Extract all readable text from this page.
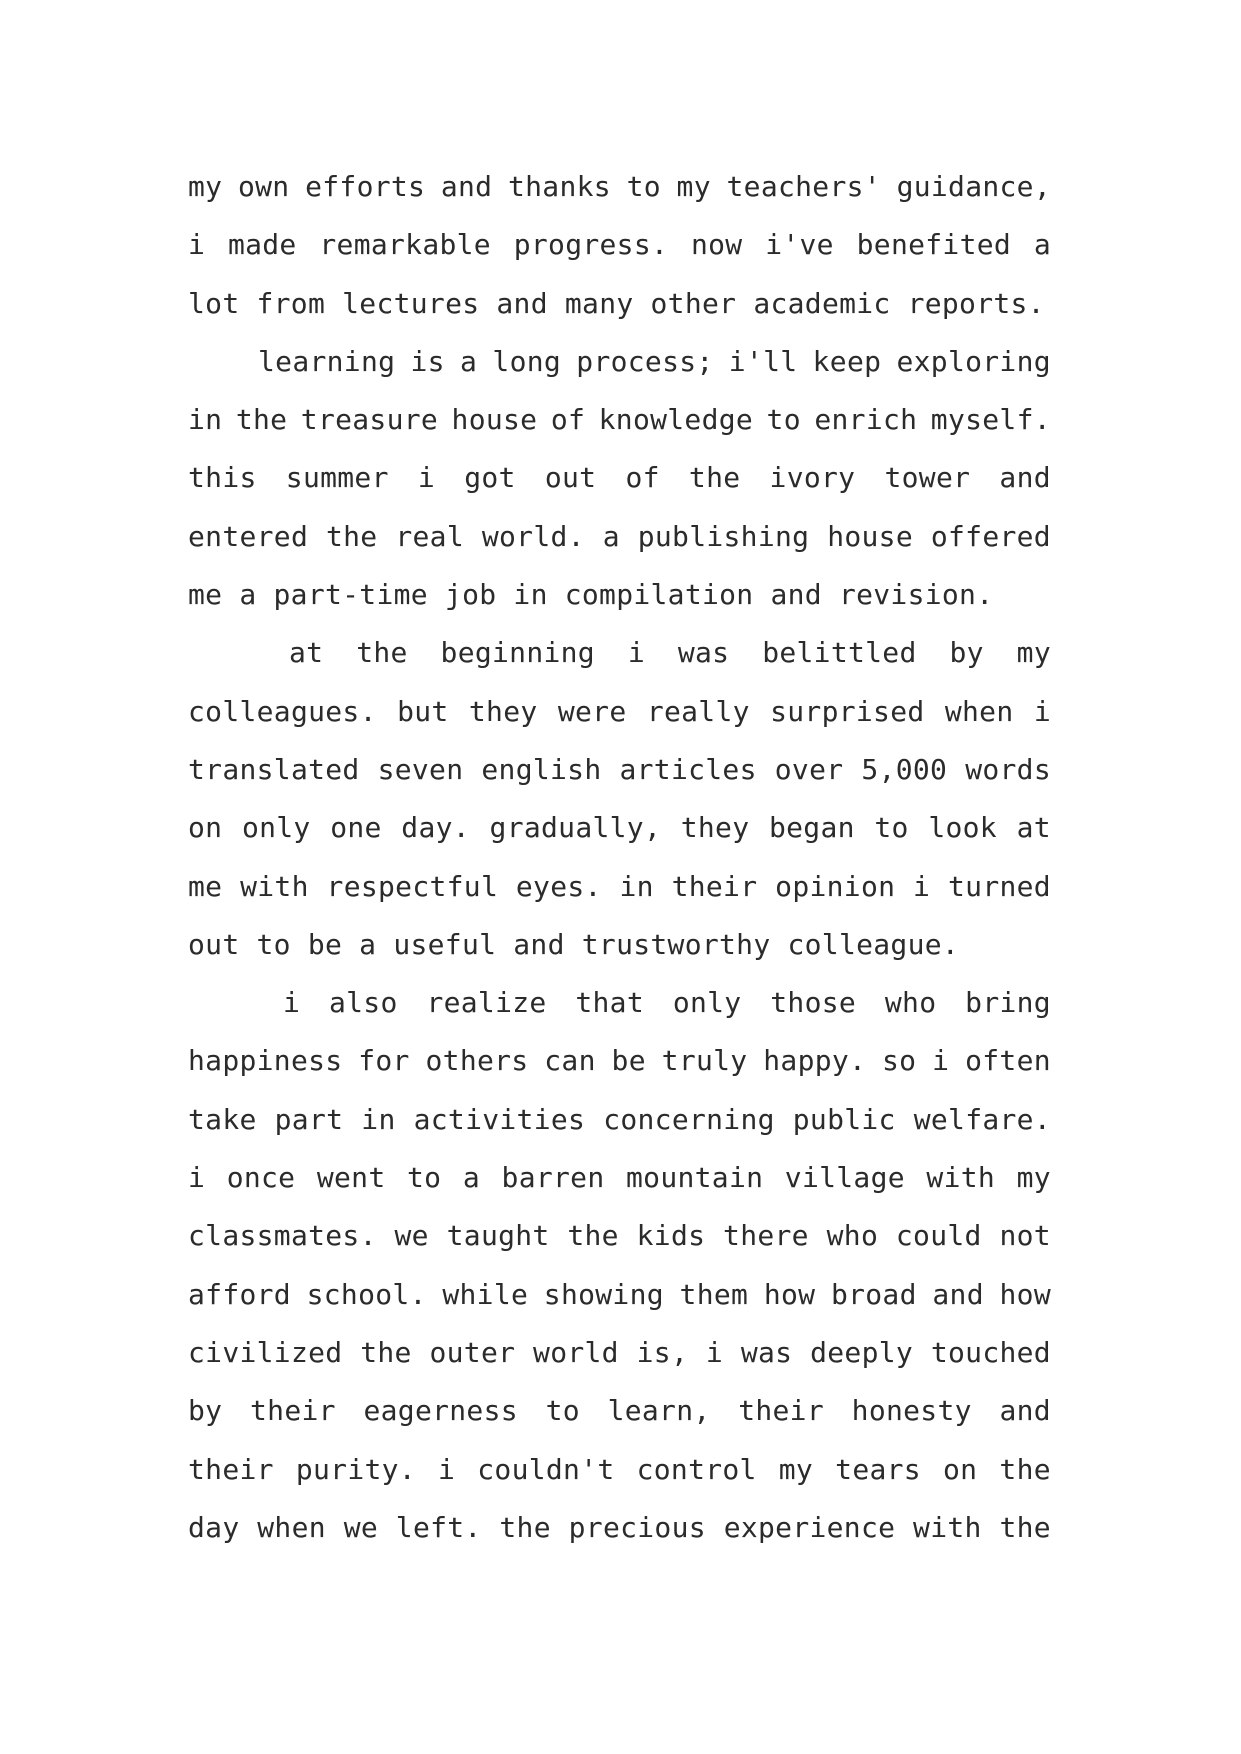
my own efforts and thanks to my teachers' guidance,
i made remarkable progress. now i've benefited a
lot from lectures and many other academic reports.
learning is a long process; i'll keep exploring
in the treasure house of knowledge to enrich myself.
this summer i got out of the ivory tower and
entered the real world. a publishing house offered
me a part-time job in compilation and revision.
at the beginning i was belittled by my
colleagues. but they were really surprised when i
translated seven english articles over 5,000 words
on only one day. gradually, they began to look at
me with respectful eyes. in their opinion i turned
out to be a useful and trustworthy colleague.
i also realize that only those who bring
happiness for others can be truly happy. so i often
take part in activities concerning public welfare.
i once went to a barren mountain village with my
classmates. we taught the kids there who could not
afford school. while showing them how broad and how
civilized the outer world is, i was deeply touched
by their eagerness to learn, their honesty and
their purity. i couldn't control my tears on the
day when we left. the precious experience with the
